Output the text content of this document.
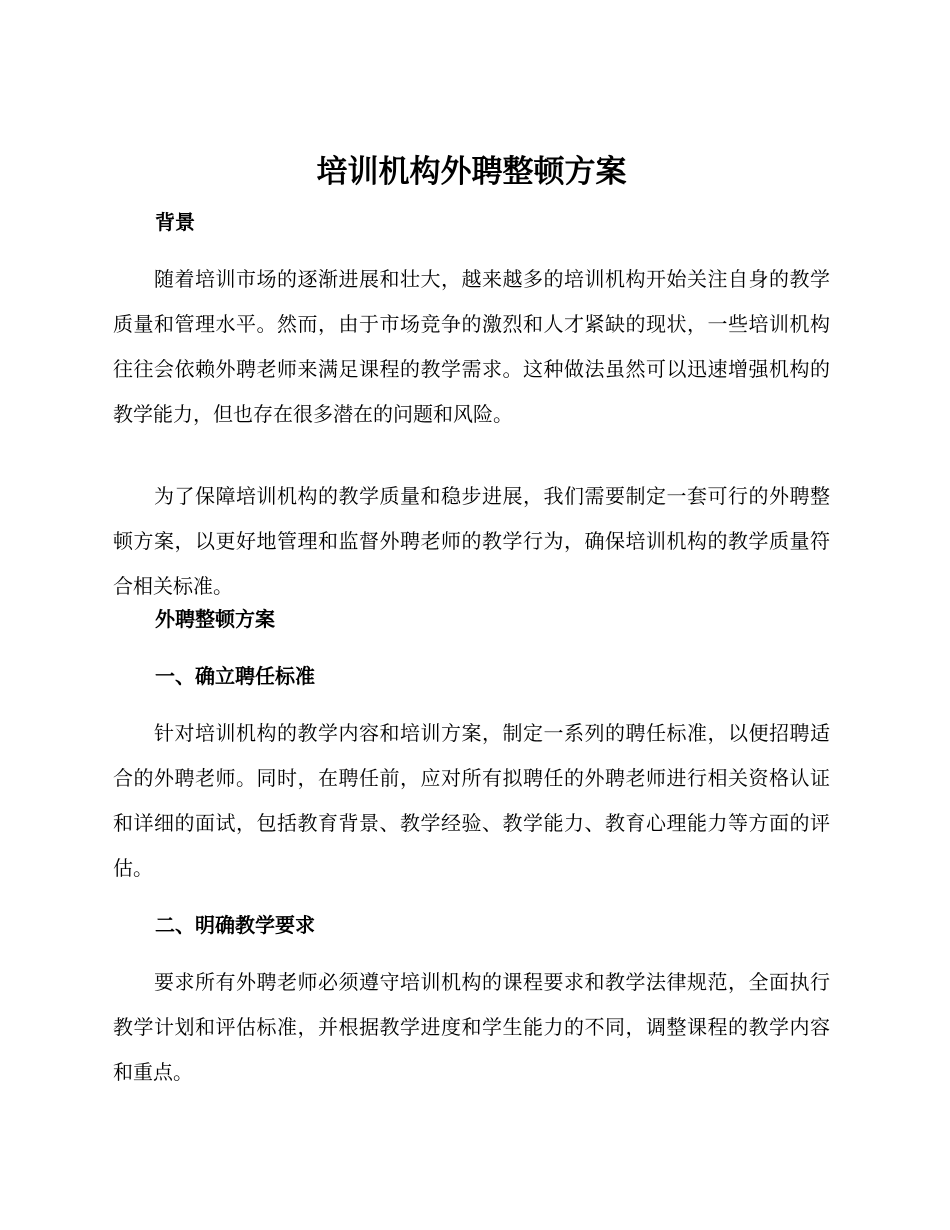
培训机构外聘整顿方案
背景

随着培训市场的逐渐进展和壮大，越来越多的培训机构开始关注自身的教学质量和管理水平。然而，由于市场竞争的激烈和人才紧缺的现状，一些培训机构往往会依赖外聘老师来满足课程的教学需求。这种做法虽然可以迅速增强机构的教学能力，但也存在很多潜在的问题和风险。

为了保障培训机构的教学质量和稳步进展，我们需要制定一套可行的外聘整顿方案，以更好地管理和监督外聘老师的教学行为，确保培训机构的教学质量符合相关标准。

外聘整顿方案
一、确立聘任标准

针对培训机构的教学内容和培训方案，制定一系列的聘任标准，以便招聘适合的外聘老师。同时，在聘任前，应对所有拟聘任的外聘老师进行相关资格认证和详细的面试，包括教育背景、教学经验、教学能力、教育心理能力等方面的评估。

二、明确教学要求

要求所有外聘老师必须遵守培训机构的课程要求和教学法律规范，全面执行教学计划和评估标准，并根据教学进度和学生能力的不同，调整课程的教学内容和重点。
